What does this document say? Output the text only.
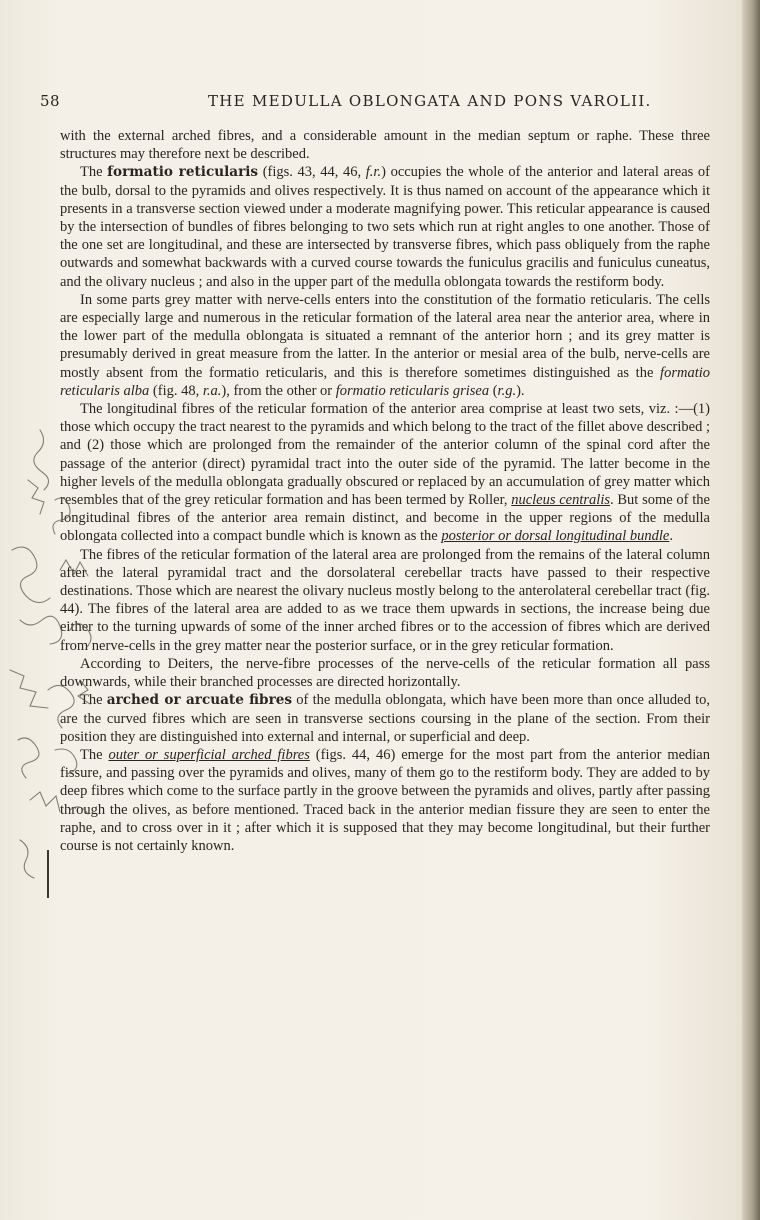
58	THE MEDULLA OBLONGATA AND PONS VAROLII.

with the external arched fibres, and a considerable amount in the median septum or raphe. These three structures may therefore next be described.

The formatio reticularis (figs. 43, 44, 46, f.r.) occupies the whole of the anterior and lateral areas of the bulb, dorsal to the pyramids and olives respectively. It is thus named on account of the appearance which it presents in a transverse section viewed under a moderate magnifying power. This reticular appearance is caused by the intersection of bundles of fibres belonging to two sets which run at right angles to one another. Those of the one set are longitudinal, and these are intersected by transverse fibres, which pass obliquely from the raphe outwards and somewhat backwards with a curved course towards the funiculus gracilis and funiculus cuneatus, and the olivary nucleus ; and also in the upper part of the medulla oblongata towards the restiform body.

In some parts grey matter with nerve-cells enters into the constitution of the formatio reticularis. The cells are especially large and numerous in the reticular formation of the lateral area near the anterior area, where in the lower part of the medulla oblongata is situated a remnant of the anterior horn ; and its grey matter is presumably derived in great measure from the latter. In the anterior or mesial area of the bulb, nerve-cells are mostly absent from the formatio reticularis, and this is therefore sometimes distinguished as the formatio reticularis alba (fig. 48, r.a.), from the other or formatio reticularis grisea (r.g.).

The longitudinal fibres of the reticular formation of the anterior area comprise at least two sets, viz. :—(1) those which occupy the tract nearest to the pyramids and which belong to the tract of the fillet above described ; and (2) those which are prolonged from the remainder of the anterior column of the spinal cord after the passage of the anterior (direct) pyramidal tract into the outer side of the pyramid. The latter become in the higher levels of the medulla oblongata gradually obscured or replaced by an accumulation of grey matter which resembles that of the grey reticular formation and has been termed by Roller, nucleus centralis. But some of the longitudinal fibres of the anterior area remain distinct, and become in the upper regions of the medulla oblongata collected into a compact bundle which is known as the posterior or dorsal longitudinal bundle.

The fibres of the reticular formation of the lateral area are prolonged from the remains of the lateral column after the lateral pyramidal tract and the dorsolateral cerebellar tracts have passed to their respective destinations. Those which are nearest the olivary nucleus mostly belong to the anterolateral cerebellar tract (fig. 44). The fibres of the lateral area are added to as we trace them upwards in sections, the increase being due either to the turning upwards of some of the inner arched fibres or to the accession of fibres which are derived from nerve-cells in the grey matter near the posterior surface, or in the grey reticular formation.

According to Deiters, the nerve-fibre processes of the nerve-cells of the reticular formation all pass downwards, while their branched processes are directed horizontally.

The arched or arcuate fibres of the medulla oblongata, which have been more than once alluded to, are the curved fibres which are seen in transverse sections coursing in the plane of the section. From their position they are distinguished into external and internal, or superficial and deep.

The outer or superficial arched fibres (figs. 44, 46) emerge for the most part from the anterior median fissure, and passing over the pyramids and olives, many of them go to the restiform body. They are added to by deep fibres which come to the surface partly in the groove between the pyramids and olives, partly after passing through the olives, as before mentioned. Traced back in the anterior median fissure they are seen to enter the raphe, and to cross over in it ; after which it is supposed that they may become longitudinal, but their further course is not certainly known.
